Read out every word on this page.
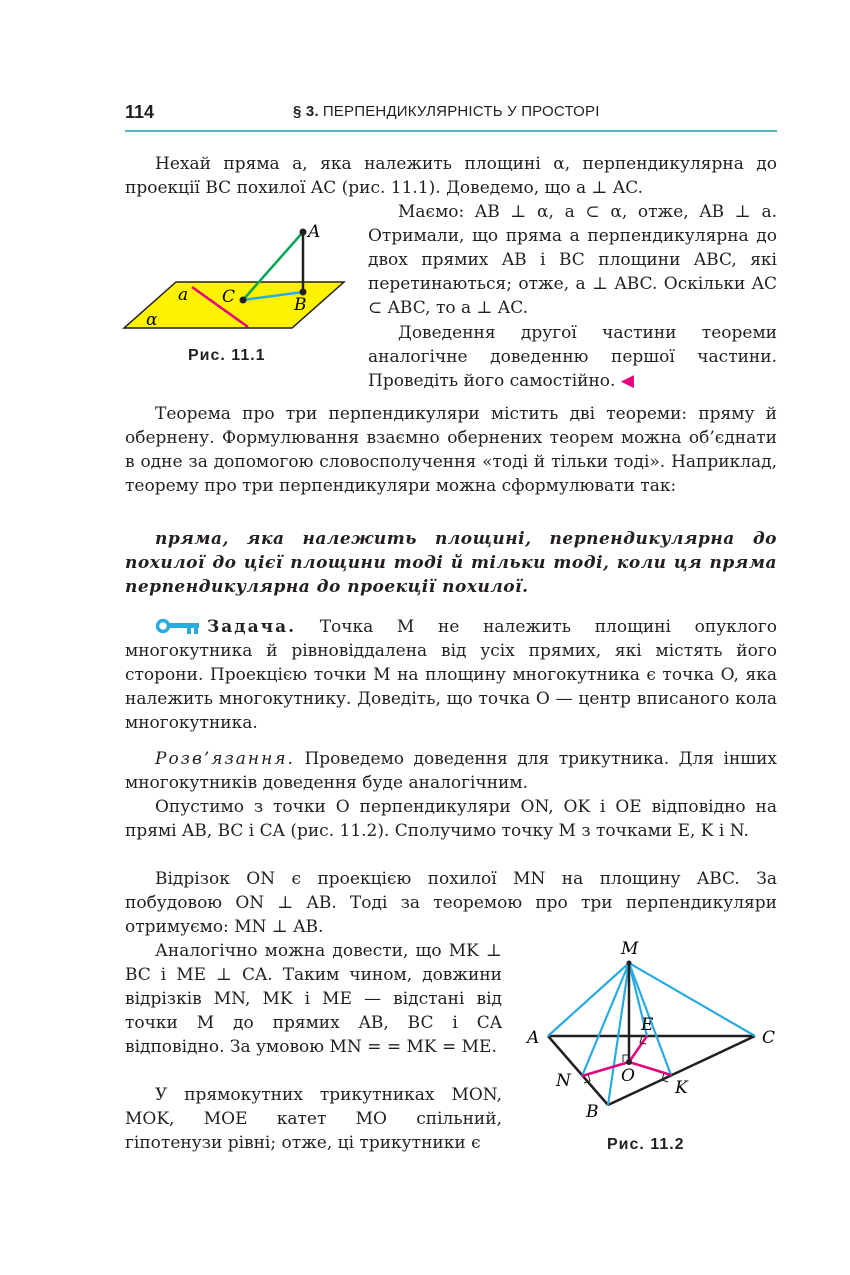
114	§ 3. ПЕРПЕНДИКУЛЯРНІСТЬ У ПРОСТОРІ

Нехай пряма a, яка належить площині α, перпендикулярна до проекції BC похилої AC (рис. 11.1). Доведемо, що a ⊥ AC.

A
B
C
a
α
Рис. 11.1

Маємо: AB ⊥ α, a ⊂ α, отже, AB ⊥ a. Отримали, що пряма a перпендикулярна до двох прямих AB і BC площини ABC, які перетинаються; отже, a ⊥ ABC. Оскільки AC ⊂ ABC, то a ⊥ AC.

Доведення другої частини теореми аналогічне доведенню першої частини. Проведіть його самостійно. ◀

Теорема про три перпендикуляри містить дві теореми: пряму й обернену. Формулювання взаємно обернених теорем можна об’єднати в одне за допомогою словосполучення «тоді й тільки тоді». Наприклад, теорему про три перпендикуляри можна сформулювати так:

пряма, яка належить площині, перпендикулярна до похилої до цієї площини тоді й тільки тоді, коли ця пряма перпендикулярна до проекції похилої.

Задача. Точка M не належить площині опуклого многокутника й рівновіддалена від усіх прямих, які містять його сторони. Проекцією точки M на площину многокутника є точка O, яка належить многокутнику. Доведіть, що точка O — центр вписаного кола многокутника.

Розв’язання. Проведемо доведення для трикутника. Для інших многокутників доведення буде аналогічним.

Опустимо з точки O перпендикуляри ON, OK і OE відповідно на прямі AB, BC і CA (рис. 11.2). Сполучимо точку M з точками E, K і N.

Відрізок ON є проекцією похилої MN на площину ABC. За побудовою ON ⊥ AB. Тоді за теоремою про три перпендикуляри отримуємо: MN ⊥ AB.

Аналогічно можна довести, що MK ⊥ BC і ME ⊥ CA. Таким чином, довжини відрізків MN, MK і ME — відстані від точки M до прямих AB, BC і CA відповідно. За умовою MN = = MK = ME.

У прямокутних трикутниках MON, MOK, MOE катет MO спільний, гіпотенузи рівні; отже, ці трикутники є

M
A	C
B
E
N	O
K
Рис. 11.2
